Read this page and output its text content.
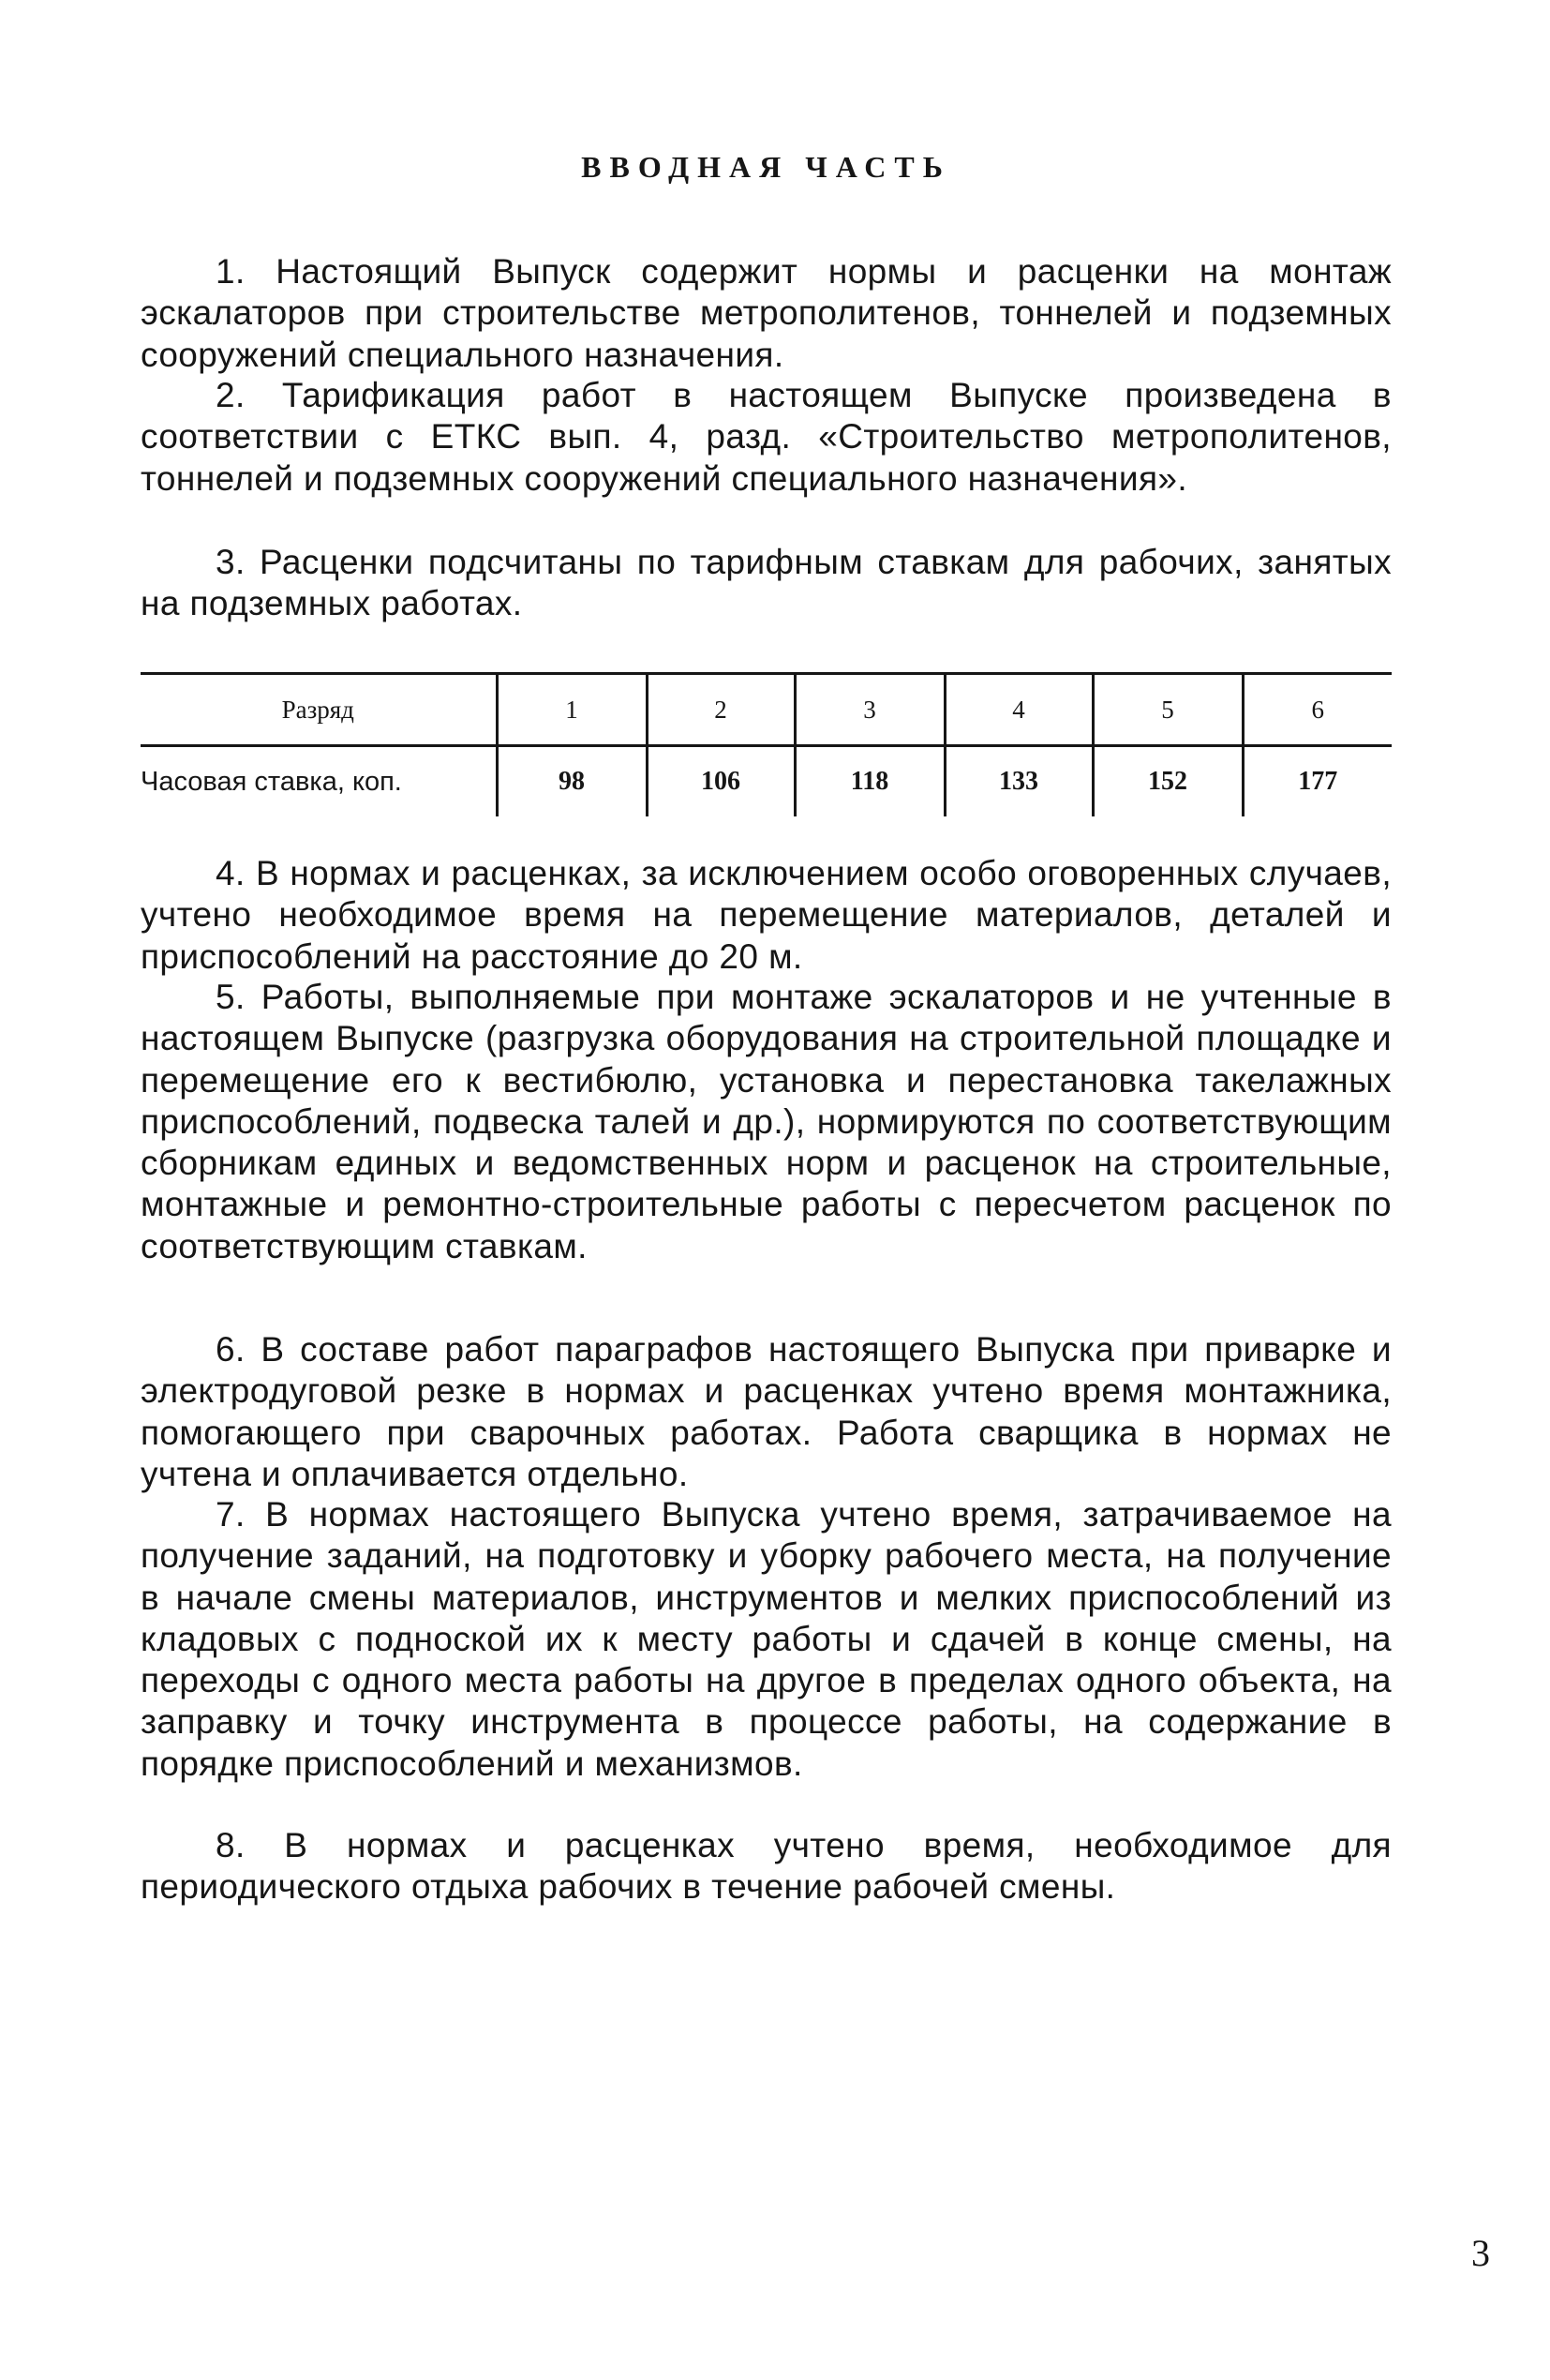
ВВОДНАЯ ЧАСТЬ

1. Настоящий Выпуск содержит нормы и расценки на монтаж эскалаторов при строительстве метрополитенов, тоннелей и подземных сооружений специального назначения.

2. Тарификация работ в настоящем Выпуске произведена в соответствии с ЕТКС вып. 4, разд. «Строительство метрополитенов, тоннелей и подземных сооружений специального назначения».

3. Расценки подсчитаны по тарифным ставкам для рабочих, занятых на подземных работах.

Разряд	1	2	3	4	5	6
Часовая ставка, коп.	98	106	118	133	152	177

4. В нормах и расценках, за исключением особо оговоренных случаев, учтено необходимое время на перемещение материалов, деталей и приспособлений на расстояние до 20 м.

5. Работы, выполняемые при монтаже эскалаторов и не учтенные в настоящем Выпуске (разгрузка оборудования на строительной площадке и перемещение его к вестибюлю, установка и перестановка такелажных приспособлений, подвеска талей и др.), нормируются по соответствующим сборникам единых и ведомственных норм и расценок на строительные, монтажные и ремонтно-строительные работы с пересчетом расценок по соответствующим ставкам.

6. В составе работ параграфов настоящего Выпуска при приварке и электродуговой резке в нормах и расценках учтено время монтажника, помогающего при сварочных работах. Работа сварщика в нормах не учтена и оплачивается отдельно.

7. В нормах настоящего Выпуска учтено время, затрачиваемое на получение заданий, на подготовку и уборку рабочего места, на получение в начале смены материалов, инструментов и мелких приспособлений из кладовых с подноской их к месту работы и сдачей в конце смены, на переходы с одного места работы на другое в пределах одного объекта, на заправку и точку инструмента в процессе работы, на содержание в порядке приспособлений и механизмов.

8. В нормах и расценках учтено время, необходимое для периодического отдыха рабочих в течение рабочей смены.

3
